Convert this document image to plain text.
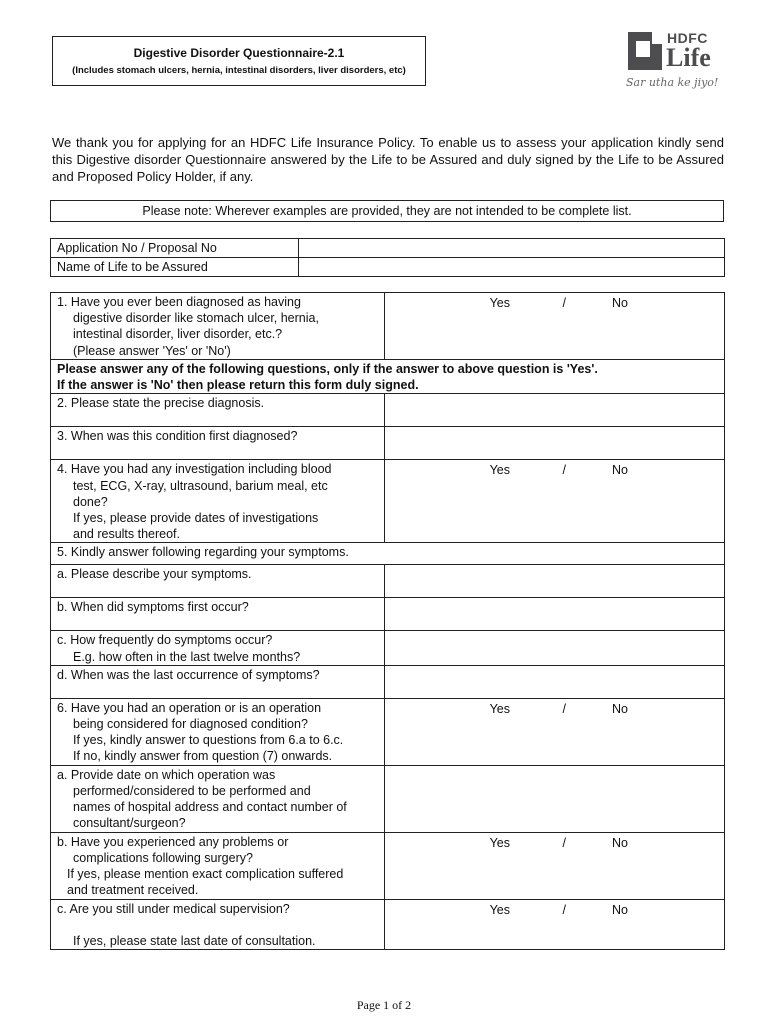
Digestive Disorder Questionnaire-2.1
(Includes stomach ulcers, hernia, intestinal disorders, liver disorders, etc)
HDFC
Life
Sar utha ke jiyo!
We thank you for applying for an HDFC Life Insurance Policy. To enable us to assess your application kindly send this Digestive disorder Questionnaire answered by the Life to be Assured and duly signed by the Life to be Assured and Proposed Policy Holder, if any.
Please note: Wherever examples are provided, they are not intended to be complete list.
Application No / Proposal No	
Name of Life to be Assured	
1. Have you ever been diagnosed as having
digestive disorder like stomach ulcer, hernia,
intestinal disorder, liver disorder, etc.?
(Please answer 'Yes' or 'No')	Yes / No

Please answer any of the following questions, only if the answer to above question is 'Yes'.
If the answer is 'No' then please return this form duly signed.	

2. Please state the precise diagnosis.	
3. When was this condition first diagnosed?	

4. Have you had any investigation including blood
test, ECG, X-ray, ultrasound, barium meal, etc
done?
If yes, please provide dates of investigations
and results thereof.	Yes / No

5. Kindly answer following regarding your symptoms.	
a. Please describe your symptoms.	
b. When did symptoms first occur?	

c. How frequently do symptoms occur?
E.g. how often in the last twelve months?	

d. When was the last occurrence of symptoms?	

6. Have you had an operation or is an operation
being considered for diagnosed condition?
If yes, kindly answer to questions from 6.a to 6.c.
If no, kindly answer from question (7) onwards.	Yes / No

a. Provide date on which operation was
performed/considered to be performed and
names of hospital address and contact number of
consultant/surgeon?	

b. Have you experienced any problems or
complications following surgery?
If yes, please mention exact complication suffered
and treatment received.	Yes / No

c. Are you still under medical supervision?
If yes, please state last date of consultation.	Yes / No
Page 1 of 2
